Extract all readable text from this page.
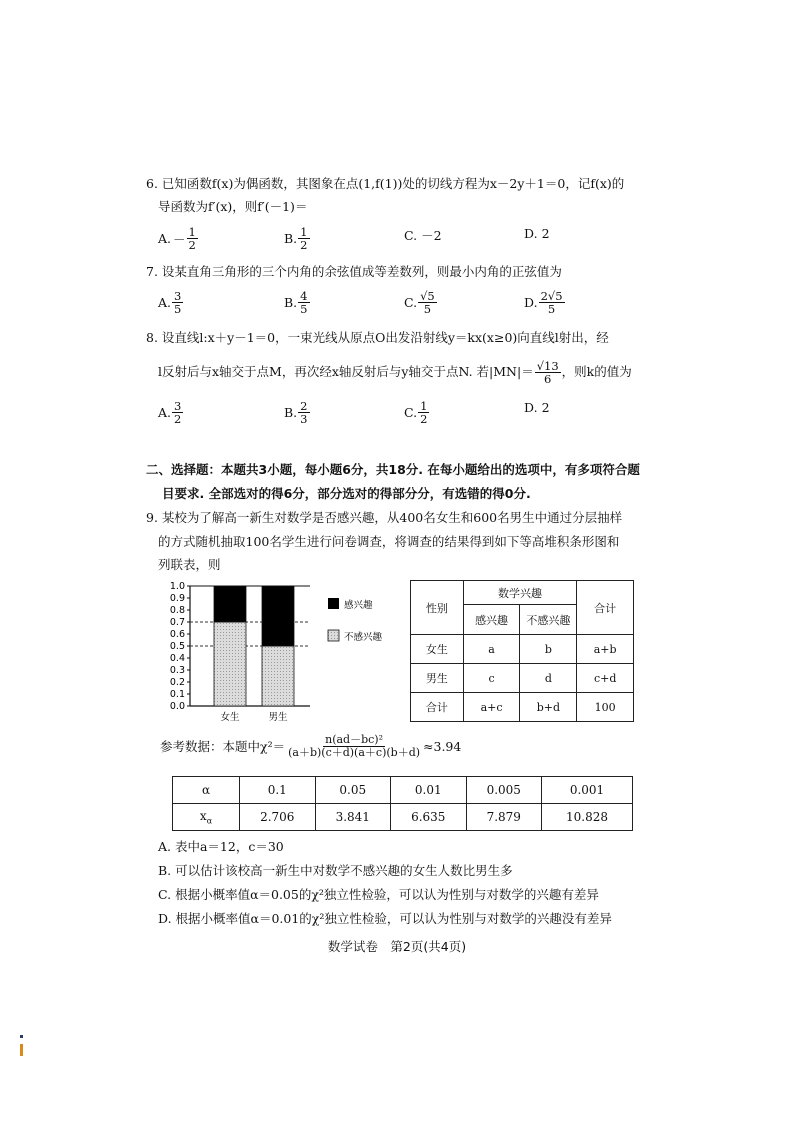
6. 已知函数f(x)为偶函数，其图象在点(1,f(1))处的切线方程为x－2y＋1＝0，记f(x)的
导函数为f′(x)，则f′(－1)＝
A. － $\frac{1}{2}$	B. $\frac{1}{2}$	C. －2	D. 2
7. 设某直角三角形的三个内角的余弦值成等差数列，则最小内角的正弦值为
A. $\frac{3}{5}$	B. $\frac{4}{5}$	C. $\frac{√5}{5}$	D. $\frac{2√5}{5}$
8. 设直线l:x＋y－1＝0，一束光线从原点O出发沿射线y＝kx(x≥0)向直线l射出，经
l反射后与x轴交于点M，再次经x轴反射后与y轴交于点N. 若$|MN|= \frac{√13}{6}$ ，则k的值为
A. $\frac{3}{2}$	B. $\frac{2}{3}$	C. $\frac{1}{2}$	D. 2
二、选择题：本题共3小题，每小题6分，共18分. 在每小题给出的选项中，有多项符合题
目要求. 全部选对的得6分，部分选对的得部分分，有选错的得0分.
9. 某校为了解高一新生对数学是否感兴趣，从400名女生和600名男生中通过分层抽样
的方式随机抽取100名学生进行问卷调查，将调查的结果得到如下等高堆积条形图和
列联表，则
0.0
0.1
0.2
0.3
0.4
0.5
0.6
0.7
0.8
0.9
1.0
女生	男生
感兴趣
不感兴趣
性别	数学兴趣		合计
	感兴趣	不感兴趣	
女生	a	b	a+b
男生	c	d	c+d
合计	a+c	b+d	100
参考数据：本题中$\chi^2= \frac{\text{n(ad－bc)²}}{(a+b)(c+d)(a+c)(b+d)} \approx 3.94$
α	0.1	0.05	0.01	0.005	0.001
$x_\alpha$	2.706	3.841	6.635	7.879	10.828
A. 表中a＝12，c＝30
B. 可以估计该校高一新生中对数学不感兴趣的女生人数比男生多
C. 根据小概率值α＝0.05的χ²独立性检验，可以认为性别与对数学的兴趣有差异
D. 根据小概率值α＝0.01的χ²独立性检验，可以认为性别与对数学的兴趣没有差异
数学试卷　第2页(共4页)
